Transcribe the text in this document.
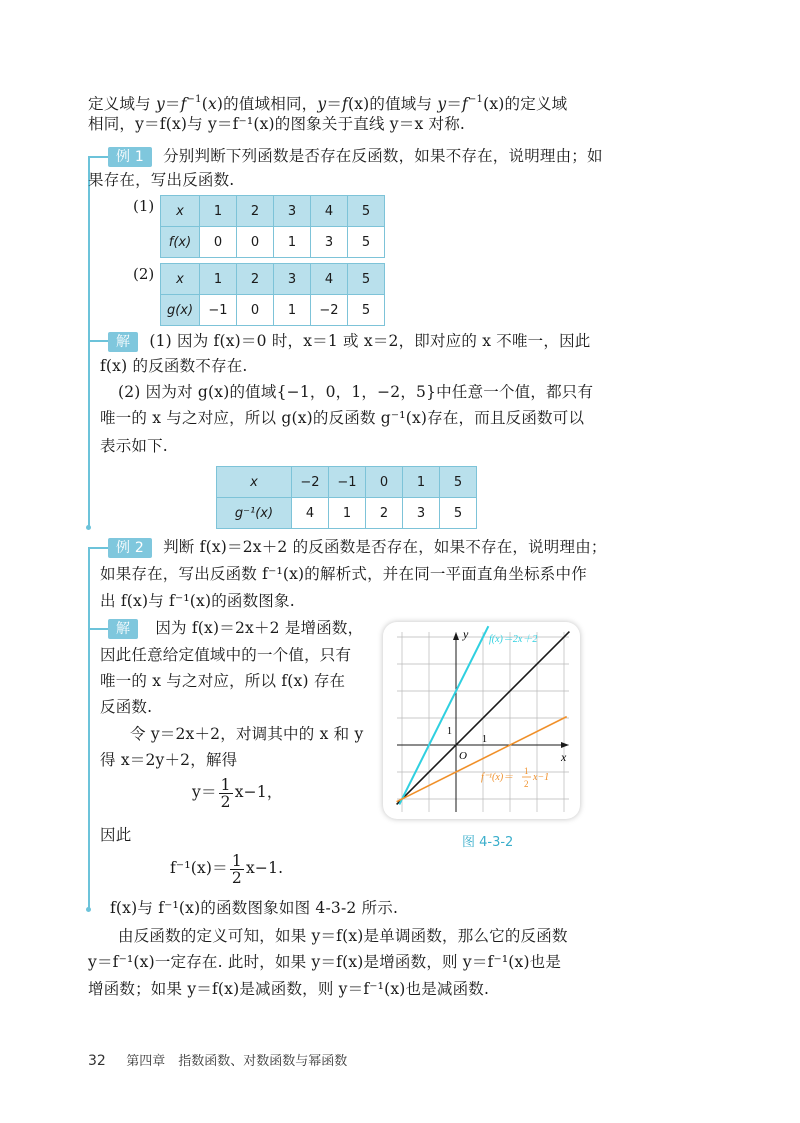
定义域与 $y=f^{-1}(x)$的值域相同，y＝f(x)的值域与 $y=f^{-1}(x)$的定义域
相同，y＝f(x)与 y＝f⁻¹(x)的图象关于直线 y＝x 对称.
例 1 分别判断下列函数是否存在反函数，如果不存在，说明理由；如
果存在，写出反函数.
(1) x	1	2	3	4	5
f(x)	0	0	1	3	5
(2) x	1	2	3	4	5
g(x)	−1	0	1	−2	5
解 (1) 因为 f(x)＝0 时，x＝1 或 x＝2，即对应的 x 不唯一，因此
f(x) 的反函数不存在.
(2) 因为对 g(x)的值域{−1，0，1，−2，5}中任意一个值，都只有
唯一的 x 与之对应，所以 g(x)的反函数 g⁻¹(x)存在，而且反函数可以
表示如下.
x	−2	−1	0	1	5
g⁻¹(x)	4	1	2	3	5
例 2 判断 f(x)＝2x＋2 的反函数是否存在，如果不存在，说明理由；
如果存在，写出反函数 f⁻¹(x)的解析式，并在同一平面直角坐标系中作
出 f(x)与 f⁻¹(x)的函数图象.
解 因为 f(x)＝2x＋2 是增函数，
因此任意给定值域中的一个值，只有
唯一的 x 与之对应，所以 f(x) 存在
反函数.
令 y＝2x＋2，对调其中的 x 和 y
得 x＝2y＋2，解得
$y= \frac{1}{2} x-1$，
因此
$f^{-1}(x)= \frac{1}{2} x-1$.
f(x)与 f⁻¹(x)的函数图象如图 4-3-2 所示.
x
y
O
1
1
f(x)＝2x＋2
f⁻¹(x)＝
1
2
x−1
图 4-3-2
由反函数的定义可知，如果 y＝f(x)是单调函数，那么它的反函数
y＝f⁻¹(x)一定存在. 此时，如果 y＝f(x)是增函数，则 y＝f⁻¹(x)也是
增函数；如果 y＝f(x)是减函数，则 y＝f⁻¹(x)也是减函数.
32 第四章　指数函数、对数函数与幂函数
